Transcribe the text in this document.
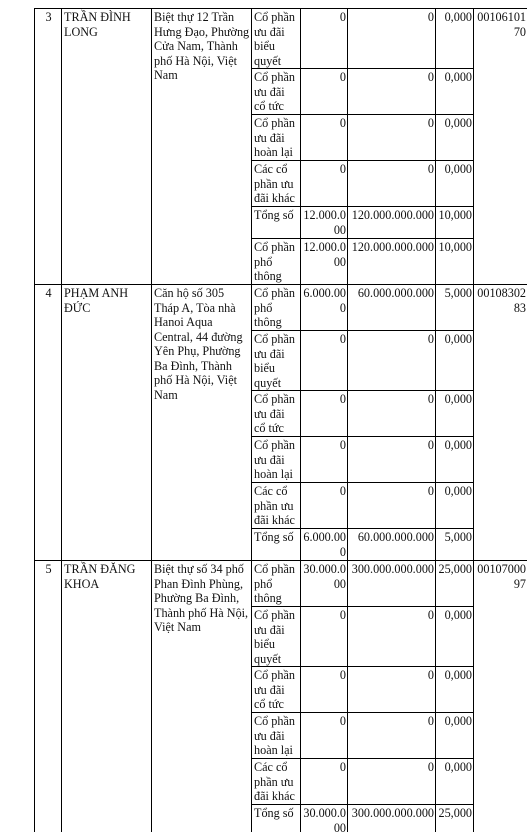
3	TRẦN ĐÌNH LONG	Biệt thự 12 Trần Hưng Đạo, Phường Cửa Nam, Thành phố Hà Nội, Việt Nam	Cổ phần ưu đãi biểu quyết	0	0	0,000	0010610170
			Cổ phần ưu đãi cổ tức	0	0	0,000	
			Cổ phần ưu đãi hoàn lại	0	0	0,000	
			Các cổ phần ưu đãi khác	0	0	0,000	
			Tổng số	12.000.000	120.000.000.000	10,000	
			Cổ phần phổ thông	12.000.000	120.000.000.000	10,000	
4	PHẠM ANH ĐỨC	Căn hộ số 305 Tháp A, Tòa nhà Hanoi Aqua Central, 44 đường Yên Phụ, Phường Ba Đình, Thành phố Hà Nội, Việt Nam	Cổ phần phổ thông	6.000.000	60.000.000.000	5,000	0010830283
			Cổ phần ưu đãi biểu quyết	0	0	0,000	
			Cổ phần ưu đãi cổ tức	0	0	0,000	
			Cổ phần ưu đãi hoàn lại	0	0	0,000	
			Các cổ phần ưu đãi khác	0	0	0,000	
			Tổng số	6.000.000	60.000.000.000	5,000	
5	TRẦN ĐĂNG KHOA	Biệt thự số 34 phố Phan Đình Phùng, Phường Ba Đình, Thành phố Hà Nội, Việt Nam	Cổ phần phổ thông	30.000.000	300.000.000.000	25,000	0010700097
			Cổ phần ưu đãi biểu quyết	0	0	0,000	
			Cổ phần ưu đãi cổ tức	0	0	0,000	
			Cổ phần ưu đãi hoàn lại	0	0	0,000	
			Các cổ phần ưu đãi khác	0	0	0,000	
			Tổng số	30.000.000	300.000.000.000	25,000	
